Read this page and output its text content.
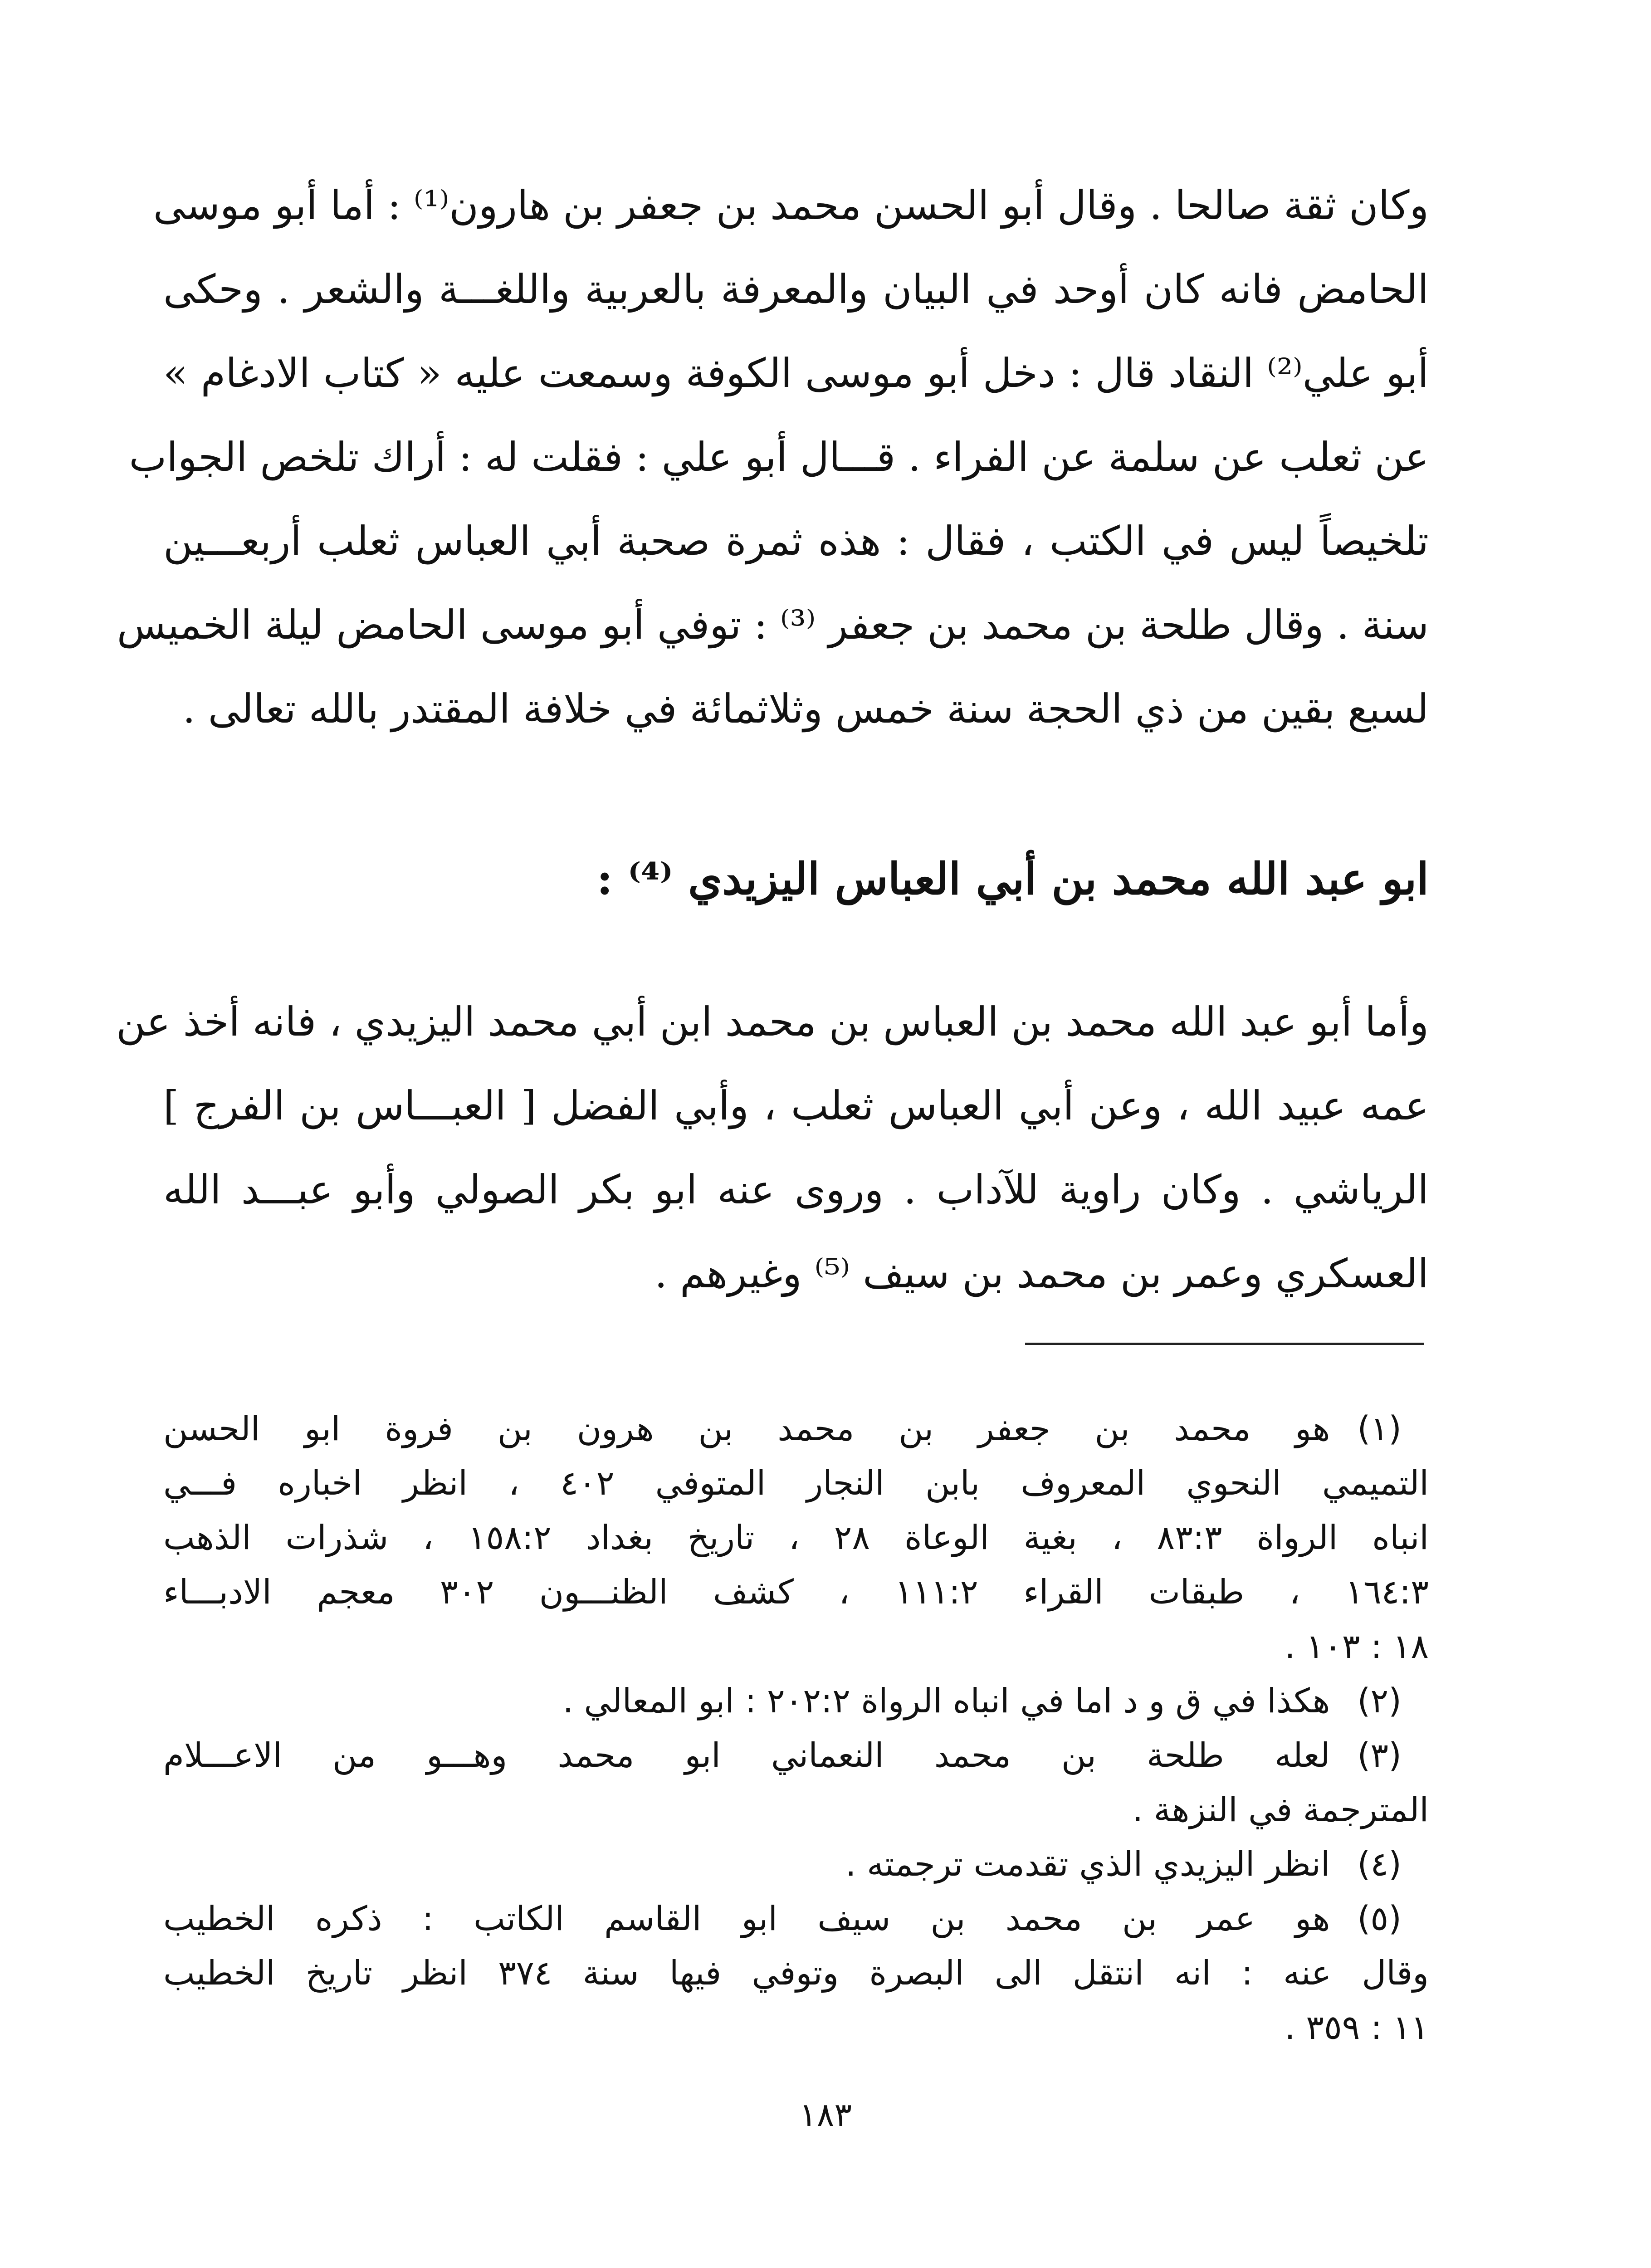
وكان ثقة صالحا . وقال أبو الحسن محمد بن جعفر بن هارون⁽¹⁾ : أما أبو موسى
الحامض فانه كان أوحد في البيان والمعرفة بالعربية واللغـــة والشعر . وحكى
أبو علي⁽²⁾ النقاد قال : دخل أبو موسى الكوفة وسمعت عليه « كتاب الادغام »
عن ثعلب عن سلمة عن الفراء . قـــال أبو علي : فقلت له : أراك تلخص الجواب
تلخيصاً ليس في الكتب ، فقال : هذه ثمرة صحبة أبي العباس ثعلب أربعـــين
سنة . وقال طلحة بن محمد بن جعفر ⁽³⁾ : توفي أبو موسى الحامض ليلة الخميس
لسبع بقين من ذي الحجة سنة خمس وثلاثمائة في خلافة المقتدر بالله تعالى .

ابو عبد الله محمد بن أبي العباس اليزيدي ⁽⁴⁾ :

وأما أبو عبد الله محمد بن العباس بن محمد ابن أبي محمد اليزيدي ، فانه أخذ عن
عمه عبيد الله ، وعن أبي العباس ثعلب ، وأبي الفضل [ العبـــاس بن الفرج ]
الرياشي . وكان راوية للآداب . وروى عنه ابو بكر الصولي وأبو عبـــد الله
العسكري وعمر بن محمد بن سيف ⁽⁵⁾ وغيرهم .

(١)هو محمد بن جعفر بن محمد بن هرون بن فروة ابو الحسن
التميمي النحوي المعروف بابن النجار المتوفي ٤٠٢ ، انظر اخباره فـــي
انباه الرواة ٨٣:٣ ، بغية الوعاة ٢٨ ، تاريخ بغداد ١٥٨:٢ ، شذرات الذهب
١٦٤:٣ ، طبقات القراء ١١١:٢ ، كشف الظنـــون ٣٠٢ معجم الادبـــاء
١٨ : ١٠٣ .
(٢)هكذا في ق و د اما في انباه الرواة ٢٠٢:٢ : ابو المعالي .
(٣)لعله طلحة بن محمد النعماني ابو محمد وهـــو من الاعـــلام
المترجمة في النزهة .
(٤)انظر اليزيدي الذي تقدمت ترجمته .
(٥)هو عمر بن محمد بن سيف ابو القاسم الكاتب : ذكره الخطيب
وقال عنه : انه انتقل الى البصرة وتوفي فيها سنة ٣٧٤ انظر تاريخ الخطيب
١١ : ٣٥٩ .
١٨٣
